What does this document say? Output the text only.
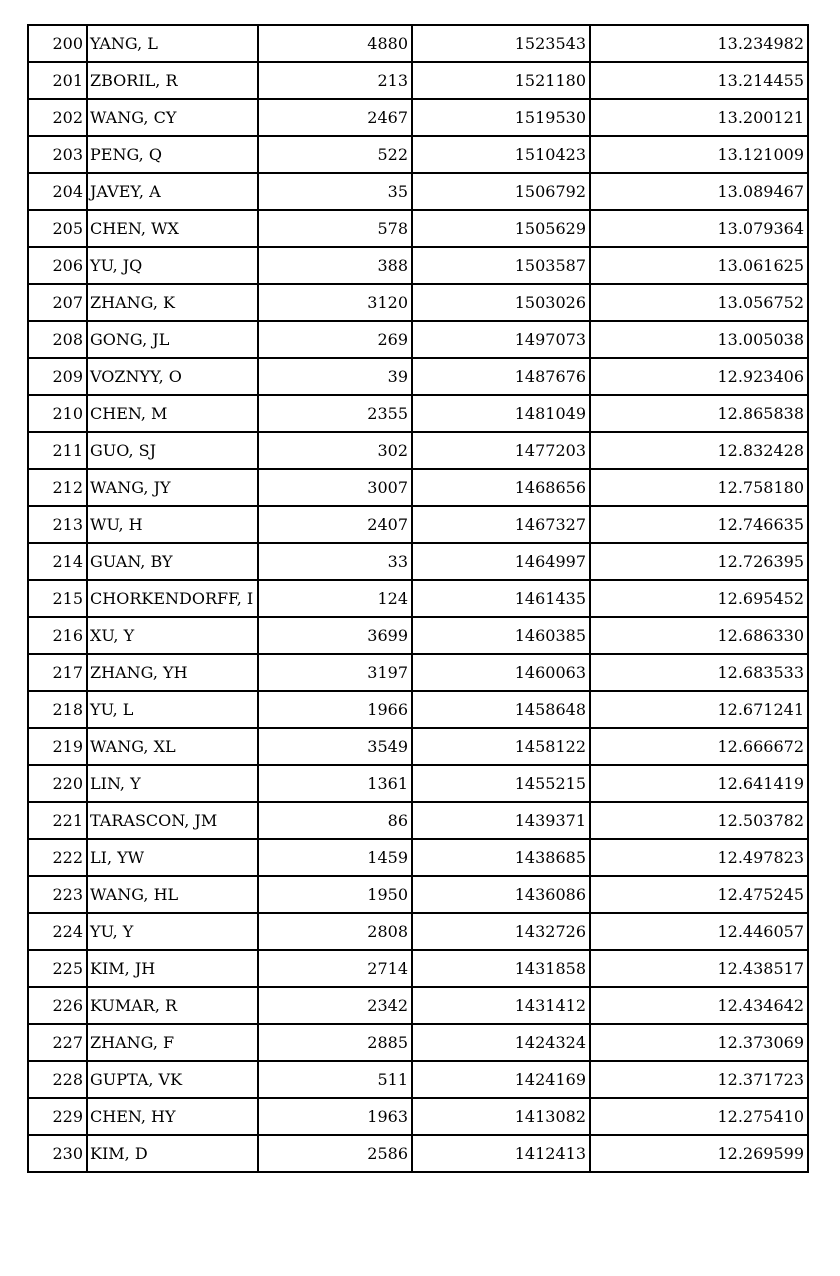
200	YANG, L	4880	1523543	13.234982
201	ZBORIL, R	213	1521180	13.214455
202	WANG, CY	2467	1519530	13.200121
203	PENG, Q	522	1510423	13.121009
204	JAVEY, A	35	1506792	13.089467
205	CHEN, WX	578	1505629	13.079364
206	YU, JQ	388	1503587	13.061625
207	ZHANG, K	3120	1503026	13.056752
208	GONG, JL	269	1497073	13.005038
209	VOZNYY, O	39	1487676	12.923406
210	CHEN, M	2355	1481049	12.865838
211	GUO, SJ	302	1477203	12.832428
212	WANG, JY	3007	1468656	12.758180
213	WU, H	2407	1467327	12.746635
214	GUAN, BY	33	1464997	12.726395
215	CHORKENDORFF, I	124	1461435	12.695452
216	XU, Y	3699	1460385	12.686330
217	ZHANG, YH	3197	1460063	12.683533
218	YU, L	1966	1458648	12.671241
219	WANG, XL	3549	1458122	12.666672
220	LIN, Y	1361	1455215	12.641419
221	TARASCON, JM	86	1439371	12.503782
222	LI, YW	1459	1438685	12.497823
223	WANG, HL	1950	1436086	12.475245
224	YU, Y	2808	1432726	12.446057
225	KIM, JH	2714	1431858	12.438517
226	KUMAR, R	2342	1431412	12.434642
227	ZHANG, F	2885	1424324	12.373069
228	GUPTA, VK	511	1424169	12.371723
229	CHEN, HY	1963	1413082	12.275410
230	KIM, D	2586	1412413	12.269599
